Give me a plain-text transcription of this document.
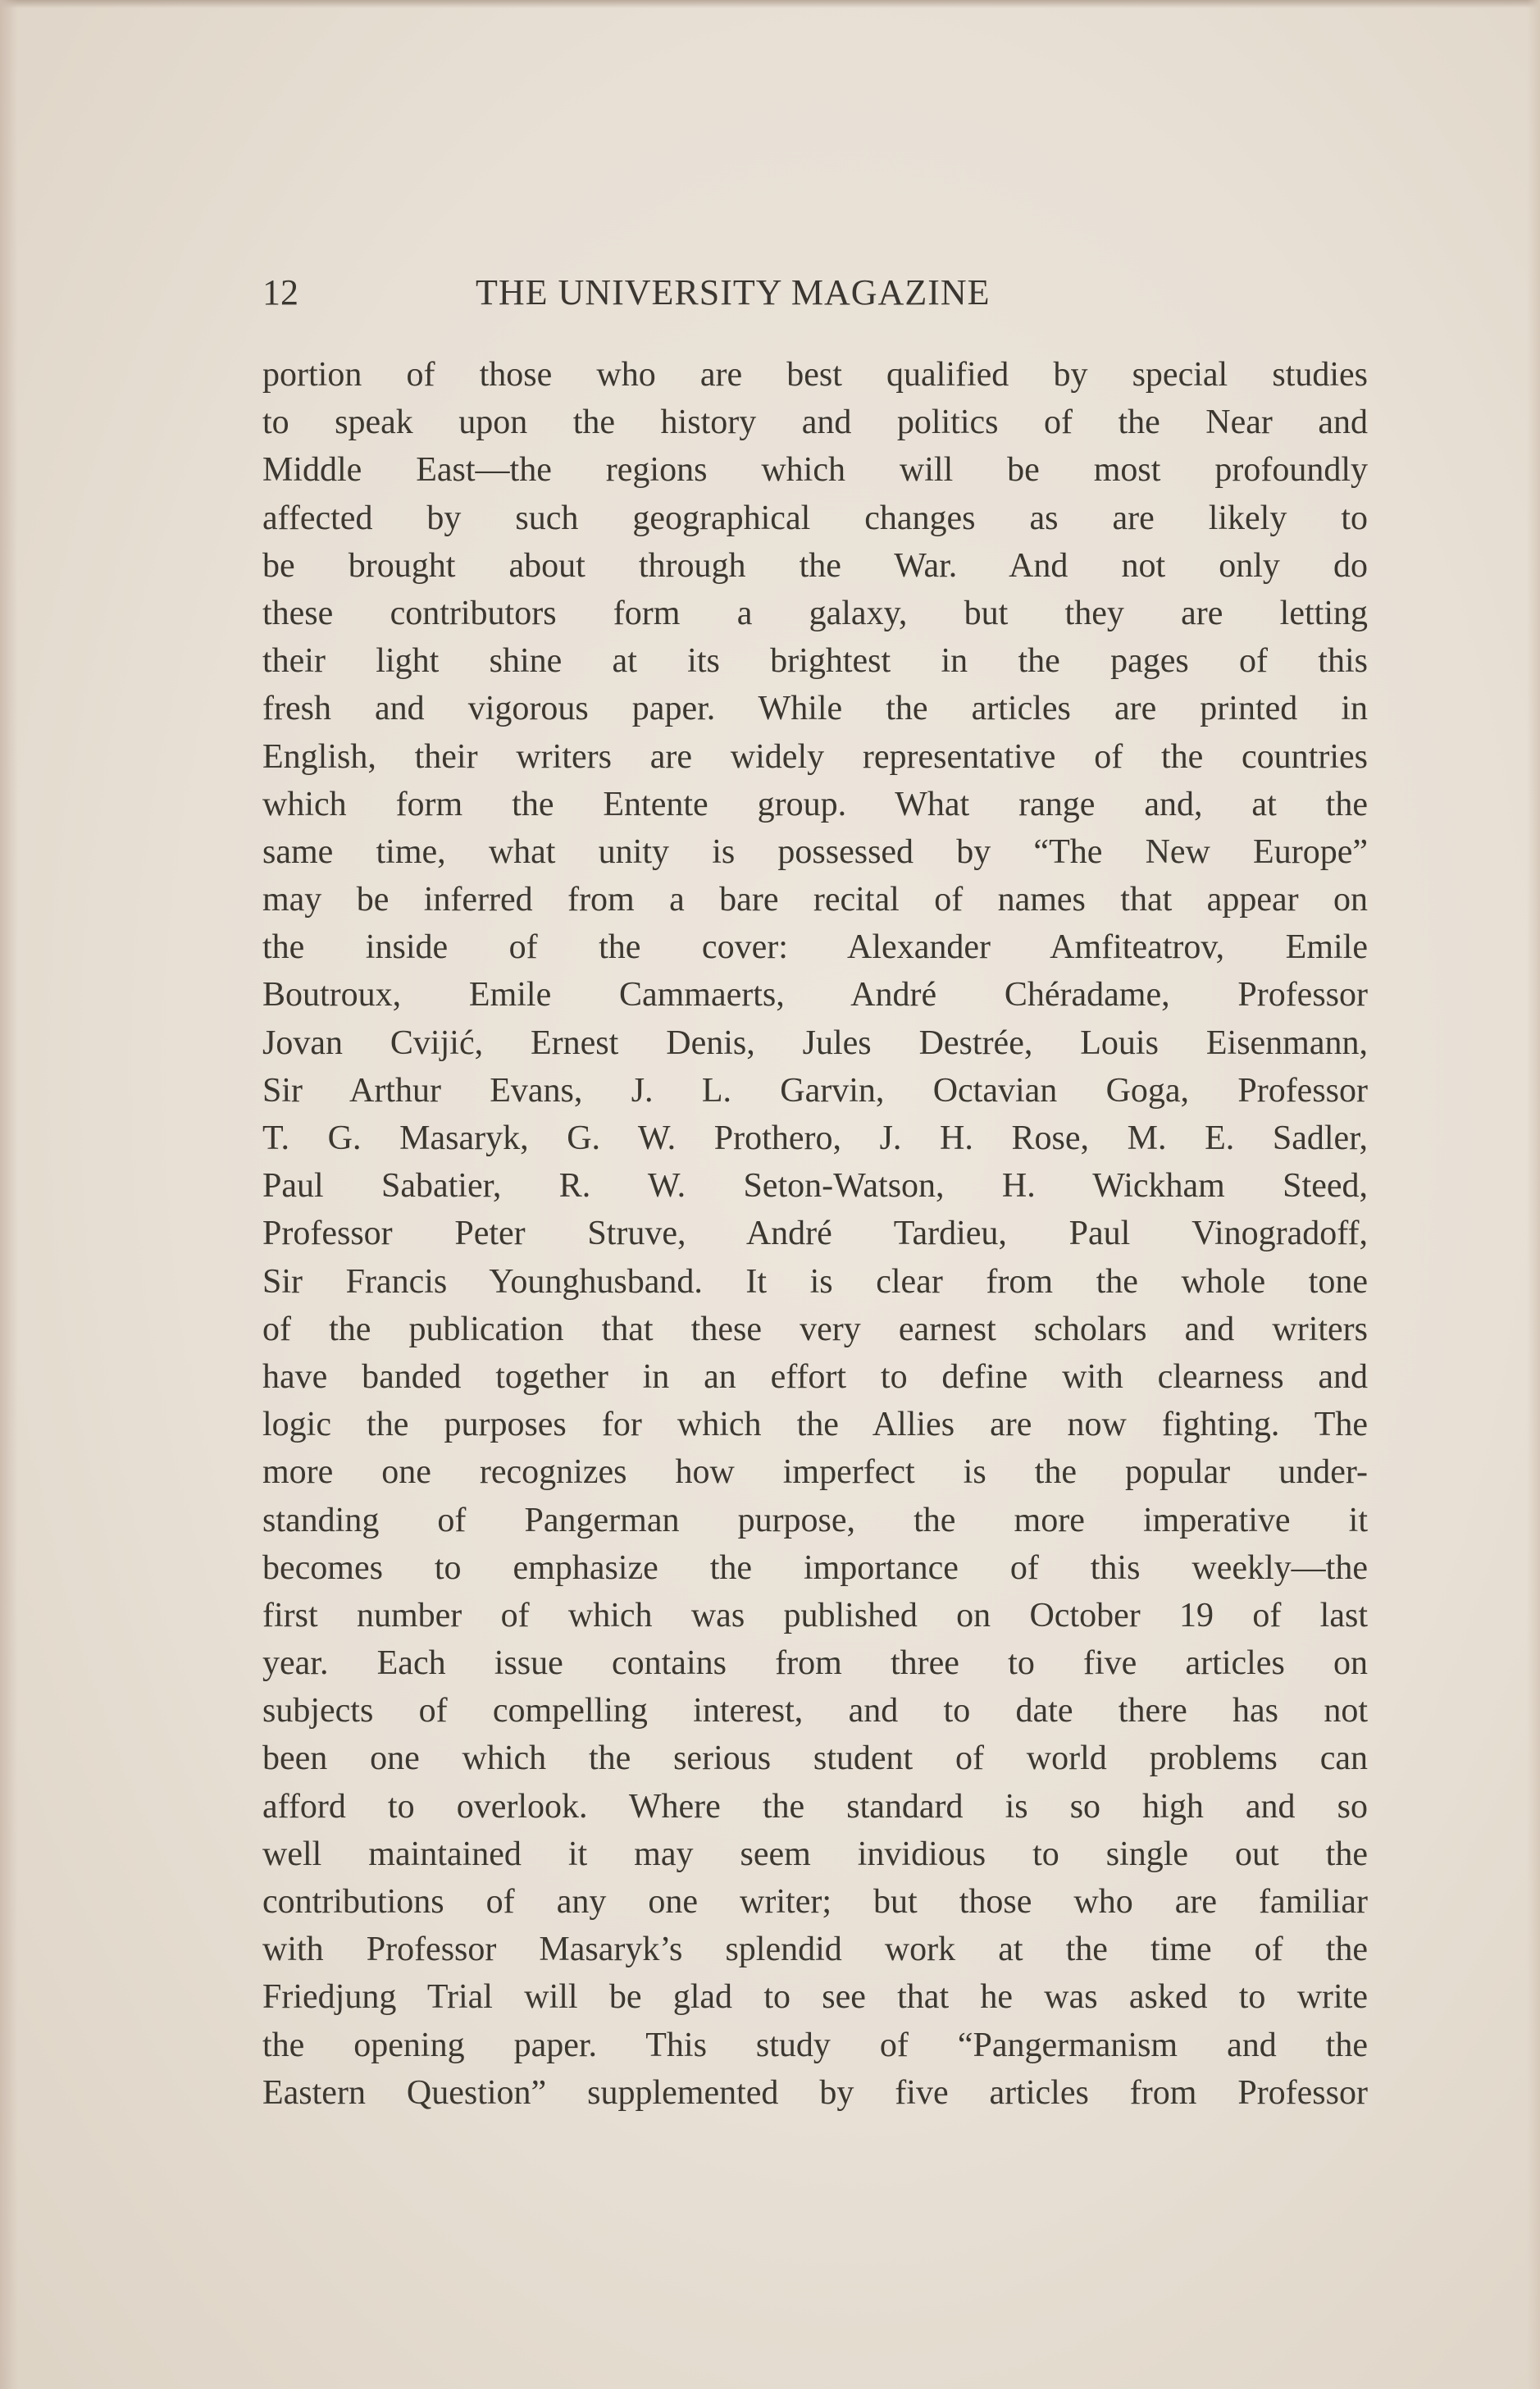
12	THE UNIVERSITY MAGAZINE
portion of those who are best qualified by special studies
to speak upon the history and politics of the Near and
Middle East—the regions which will be most profoundly
affected by such geographical changes as are likely to
be brought about through the War. And not only do
these contributors form a galaxy, but they are letting
their light shine at its brightest in the pages of this
fresh and vigorous paper. While the articles are printed in
English, their writers are widely representative of the countries
which form the Entente group. What range and, at the
same time, what unity is possessed by “The New Europe”
may be inferred from a bare recital of names that appear on
the inside of the cover: Alexander Amfiteatrov, Emile
Boutroux, Emile Cammaerts, André Chéradame, Professor
Jovan Cvijić, Ernest Denis, Jules Destrée, Louis Eisenmann,
Sir Arthur Evans, J. L. Garvin, Octavian Goga, Professor
T. G. Masaryk, G. W. Prothero, J. H. Rose, M. E. Sadler,
Paul Sabatier, R. W. Seton-Watson, H. Wickham Steed,
Professor Peter Struve, André Tardieu, Paul Vinogradoff,
Sir Francis Younghusband. It is clear from the whole tone
of the publication that these very earnest scholars and writers
have banded together in an effort to define with clearness and
logic the purposes for which the Allies are now fighting. The
more one recognizes how imperfect is the popular under-
standing of Pangerman purpose, the more imperative it
becomes to emphasize the importance of this weekly—the
first number of which was published on October 19 of last
year. Each issue contains from three to five articles on
subjects of compelling interest, and to date there has not
been one which the serious student of world problems can
afford to overlook. Where the standard is so high and so
well maintained it may seem invidious to single out the
contributions of any one writer; but those who are familiar
with Professor Masaryk’s splendid work at the time of the
Friedjung Trial will be glad to see that he was asked to write
the opening paper. This study of “Pangermanism and the
Eastern Question” supplemented by five articles from Professor
